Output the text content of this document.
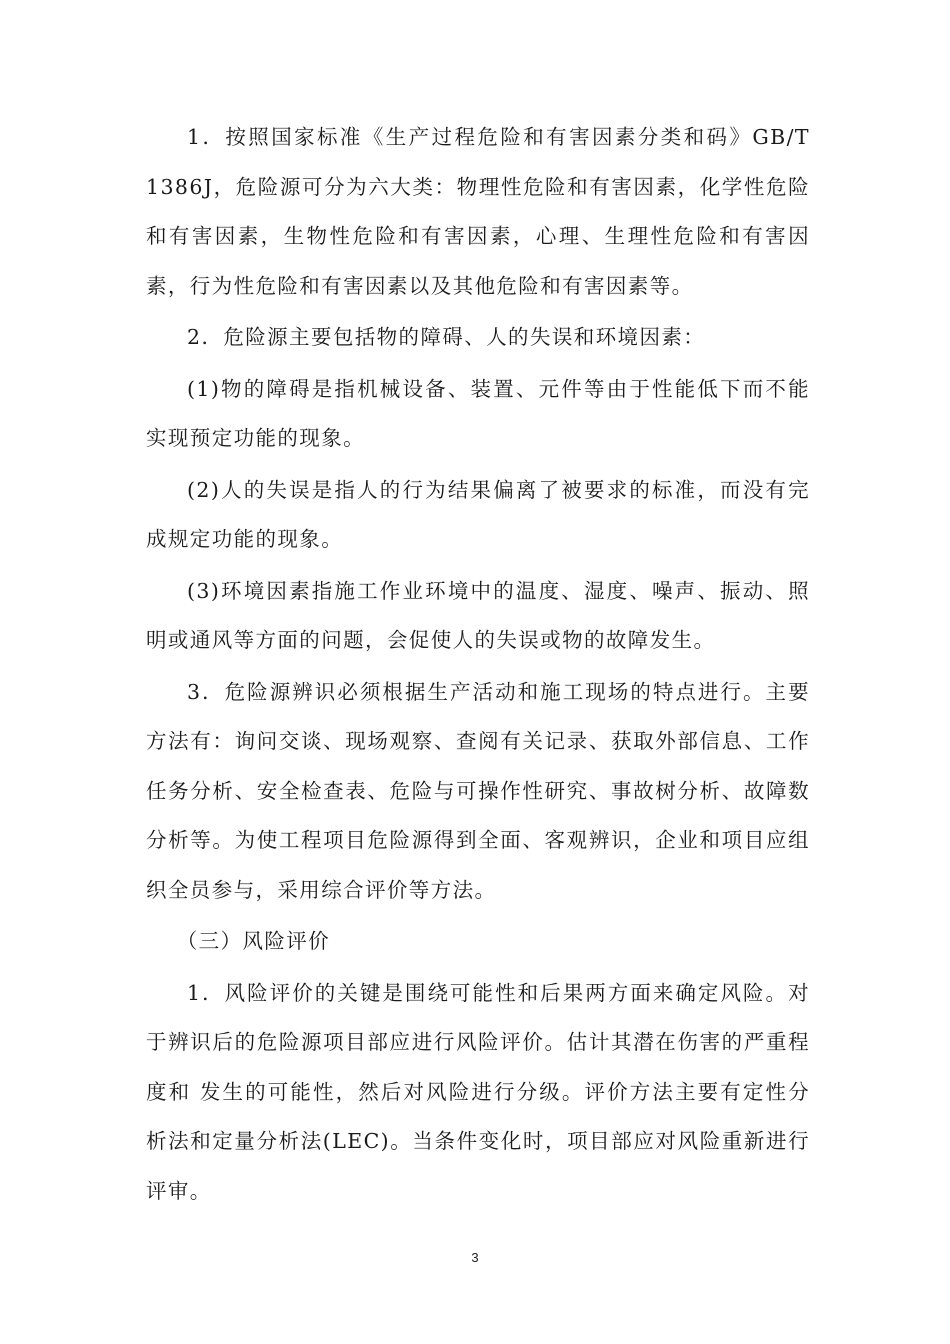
1．按照国家标准《生产过程危险和有害因素分类和码》GB/T 1386J，危险源可分为六大类：物理性危险和有害因素，化学性危险和有害因素，生物性危险和有害因素，心理、生理性危险和有害因素，行为性危险和有害因素以及其他危险和有害因素等。

2．危险源主要包括物的障碍、人的失误和环境因素：

(1)物的障碍是指机械设备、装置、元件等由于性能低下而不能实现预定功能的现象。

(2)人的失误是指人的行为结果偏离了被要求的标准，而没有完成规定功能的现象。

(3)环境因素指施工作业环境中的温度、湿度、噪声、振动、照明或通风等方面的问题，会促使人的失误或物的故障发生。

3．危险源辨识必须根据生产活动和施工现场的特点进行。主要方法有：询问交谈、现场观察、查阅有关记录、获取外部信息、工作任务分析、安全检查表、危险与可操作性研究、事故树分析、故障数分析等。为使工程项目危险源得到全面、客观辨识，企业和项目应组织全员参与，采用综合评价等方法。

（三）风险评价

1．风险评价的关键是围绕可能性和后果两方面来确定风险。对于辨识后的危险源项目部应进行风险评价。估计其潜在伤害的严重程度和 发生的可能性，然后对风险进行分级。评价方法主要有定性分析法和定量分析法(LEC)。当条件变化时，项目部应对风险重新进行评审。

3
